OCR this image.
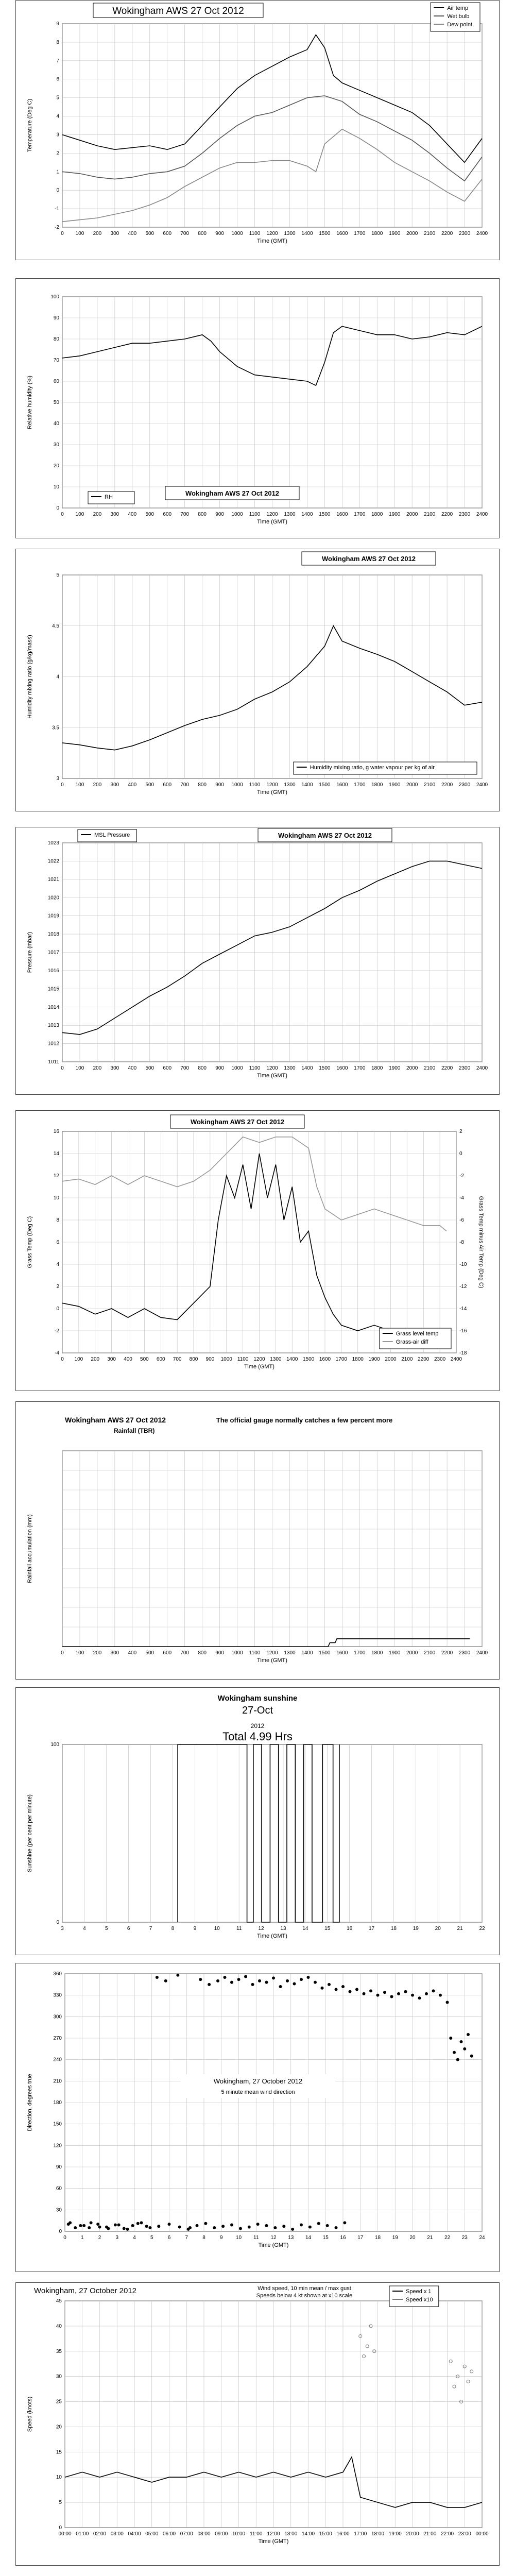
0 100 200 300 400 500 600 700 800 900 1000 1100 1200 1300 1400 1500 1600 1700 1800 1900 2000 2100 2200 2300 2400
-2
-1
0
1
2
3
4
5
6
7
8
9
Time (GMT)
Temperature (Deg C)
Wokingham AWS 27 Oct 2012	Air temp
Wet bulb
Dew point
0 100 200 300 400 500 600 700 800 900 1000 1100 1200 1300 1400 1500 1600 1700 1800 1900 2000 2100 2200 2300 2400
0
10
20
30
40
50
60
70
80
90
100
Time (GMT)
Relative humidity (%)
Wokingham AWS 27 Oct 2012
RH
0 100 200 300 400 500 600 700 800 900 1000 1100 1200 1300 1400 1500 1600 1700 1800 1900 2000 2100 2200 2300 2400
3
3.5
4
4.5
5
Time (GMT)
Humidity mixing ratio (g/kg/mass)
Wokingham AWS 27 Oct 2012
Humidity mixing ratio, g water vapour per kg of air
0 100 200 300 400 500 600 700 800 900 1000 1100 1200 1300 1400 1500 1600 1700 1800 1900 2000 2100 2200 2300 2400
1011
1012
1013
1014
1015
1016
1017
1018
1019
1020
1021
1022
1023
Time (GMT)
Pressure (mbar)
Wokingham AWS 27 Oct 2012
MSL Pressure
0 100 200 300 400 500 600 700 800 900 1000 1100 1200 1300 1400 1500 1600 1700 1800 1900 2000 2100 2200 2300 2400
-4
-2
0
2
4
6
8
10
12
14
16
-18
-16
-14
-12
-10
-8
-6
-4
-2
0
2
Grass Temp minus Air Temp (Deg C)
Time (GMT)
Grass Temp (Deg C)
Wokingham AWS 27 Oct 2012
Grass level temp
Grass-air diff
0 100 200 300 400 500 600 700 800 900 1000 1100 1200 1300 1400 1500 1600 1700 1800 1900 2000 2100 2200 2300 2400
Time (GMT)
Rainfall accumulation (mm)
Wokingham AWS 27 Oct 2012
Rainfall (TBR)
The official gauge normally catches a few percent more
3	4	5	6	7	8	9	10	11	12	13	14	15	16	17	18	19	20	21	22
0
100
Time (GMT)
Sunshine (per cent per minute)
Wokingham sunshine
27-Oct
2012
Total 4.99 Hrs
0	1	2	3	4	5	6	7	8	9	10 11 12 13 14 15 16 17 18 19 20 21 22 23 24
0
30
60
90
120
150
180
210
240
270
300
330
360
Time (GMT)
Direction, degrees true	Wokingham, 27 October 2012
5 minute mean wind direction
00:00 01:00 02:00 03:00 04:00 05:00 06:00 07:00 08:00 09:00 10:00 11:00 12:00 13:00 14:00 15:00 16:00 17:00 18:00 19:00 20:00 21:00 22:00 23:00 00:00
0
5
10
15
20
25
30
35
40
45
Time (GMT)
Speed (knots)
Wokingham, 27 October 2012	Wind speed, 10 min mean / max gust
Speeds below 4 kt shown at x10 scale
Speed x 1
Speed x10
